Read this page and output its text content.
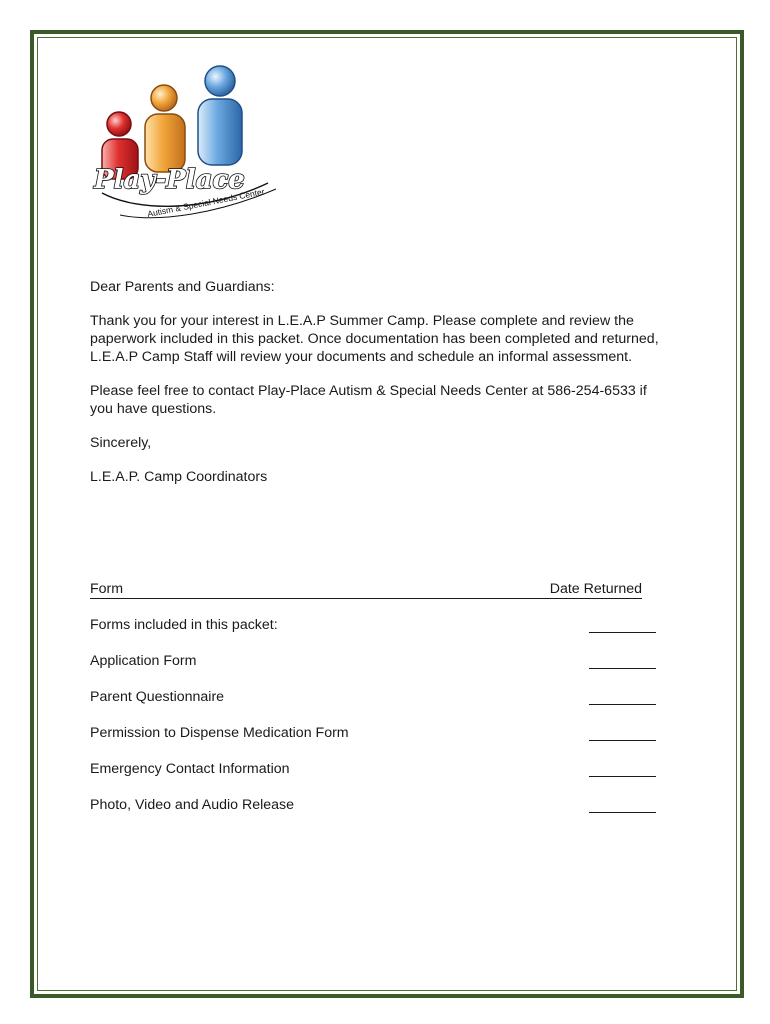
Play-Place
Autism & Special Needs Center

Dear Parents and Guardians:

Thank you for your interest in L.E.A.P Summer Camp. Please complete and review the paperwork included in this packet. Once documentation has been completed and returned, L.E.A.P Camp Staff will review your documents and schedule an informal assessment.

Please feel free to contact Play-Place Autism & Special Needs Center at 586-254-6533 if you have questions.

Sincerely,

L.E.A.P. Camp Coordinators

Form	Date Returned
Forms included in this packet:
Application Form
Parent Questionnaire
Permission to Dispense Medication Form
Emergency Contact Information
Photo, Video and Audio Release
